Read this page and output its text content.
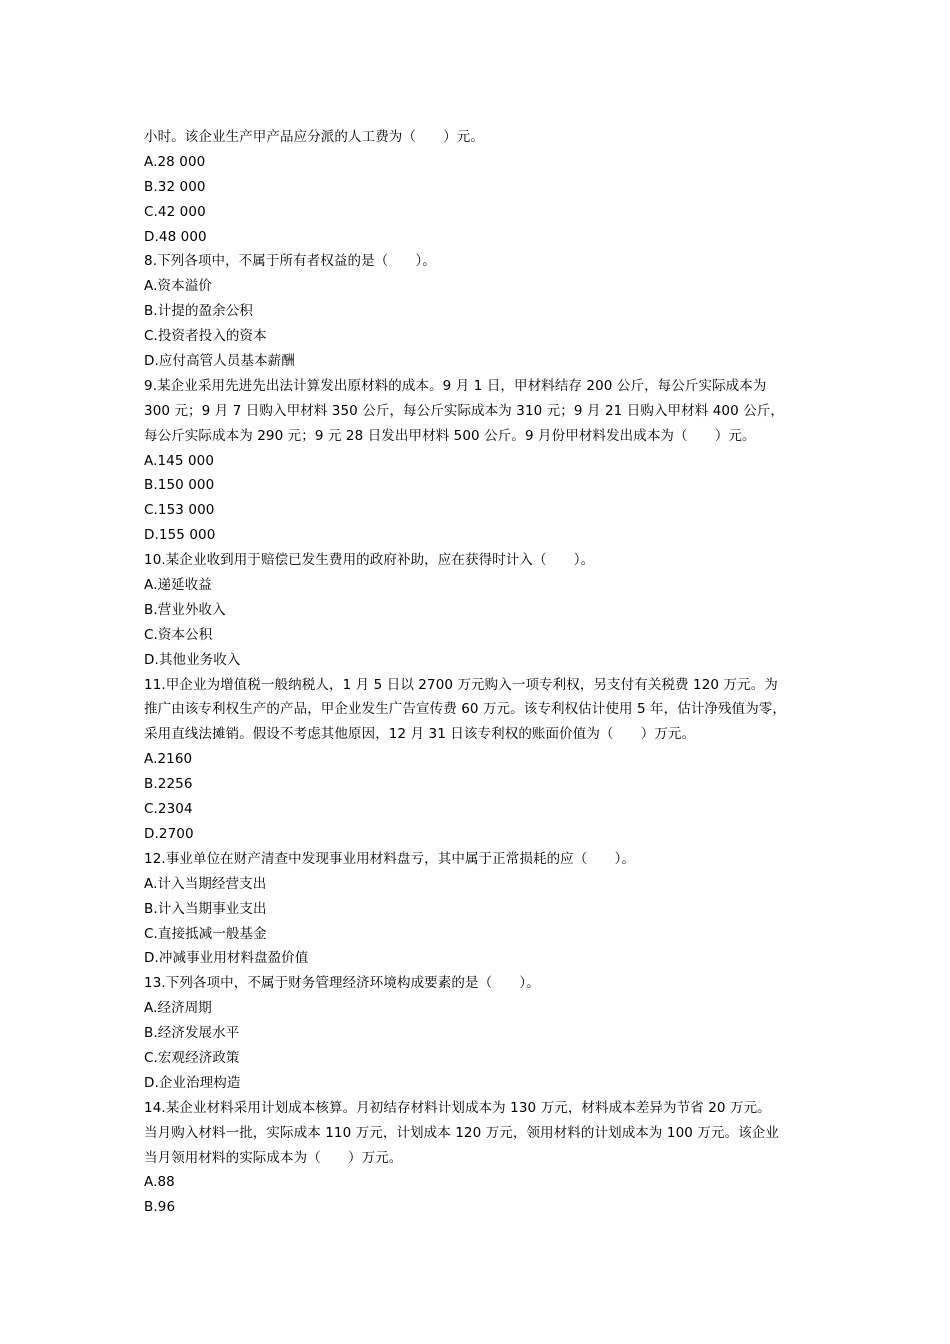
小时。该企业生产甲产品应分派的人工费为（　　）元。
A.28 000
B.32 000
C.42 000
D.48 000
8.下列各项中，不属于所有者权益的是（　　）。
A.资本溢价
B.计提的盈余公积
C.投资者投入的资本
D.应付高管人员基本薪酬
9.某企业采用先进先出法计算发出原材料的成本。9 月 1 日，甲材料结存 200 公斤，每公斤实际成本为
300 元；9 月 7 日购入甲材料 350 公斤，每公斤实际成本为 310 元；9 月 21 日购入甲材料 400 公斤，
每公斤实际成本为 290 元；9 元 28 日发出甲材料 500 公斤。9 月份甲材料发出成本为（　　）元。
A.145 000
B.150 000
C.153 000
D.155 000
10.某企业收到用于赔偿已发生费用的政府补助，应在获得时计入（　　）。
A.递延收益
B.营业外收入
C.资本公积
D.其他业务收入
11.甲企业为增值税一般纳税人，1 月 5 日以 2700 万元购入一项专利权，另支付有关税费 120 万元。为
推广由该专利权生产的产品，甲企业发生广告宣传费 60 万元。该专利权估计使用 5 年，估计净残值为零，
采用直线法摊销。假设不考虑其他原因，12 月 31 日该专利权的账面价值为（　　）万元。
A.2160
B.2256
C.2304
D.2700
12.事业单位在财产清查中发现事业用材料盘亏，其中属于正常损耗的应（　　）。
A.计入当期经营支出
B.计入当期事业支出
C.直接抵减一般基金
D.冲减事业用材料盘盈价值
13.下列各项中，不属于财务管理经济环境构成要素的是（　　）。
A.经济周期
B.经济发展水平
C.宏观经济政策
D.企业治理构造
14.某企业材料采用计划成本核算。月初结存材料计划成本为 130 万元，材料成本差异为节省 20 万元。
当月购入材料一批，实际成本 110 万元，计划成本 120 万元，领用材料的计划成本为 100 万元。该企业
当月领用材料的实际成本为（　　）万元。
A.88
B.96
